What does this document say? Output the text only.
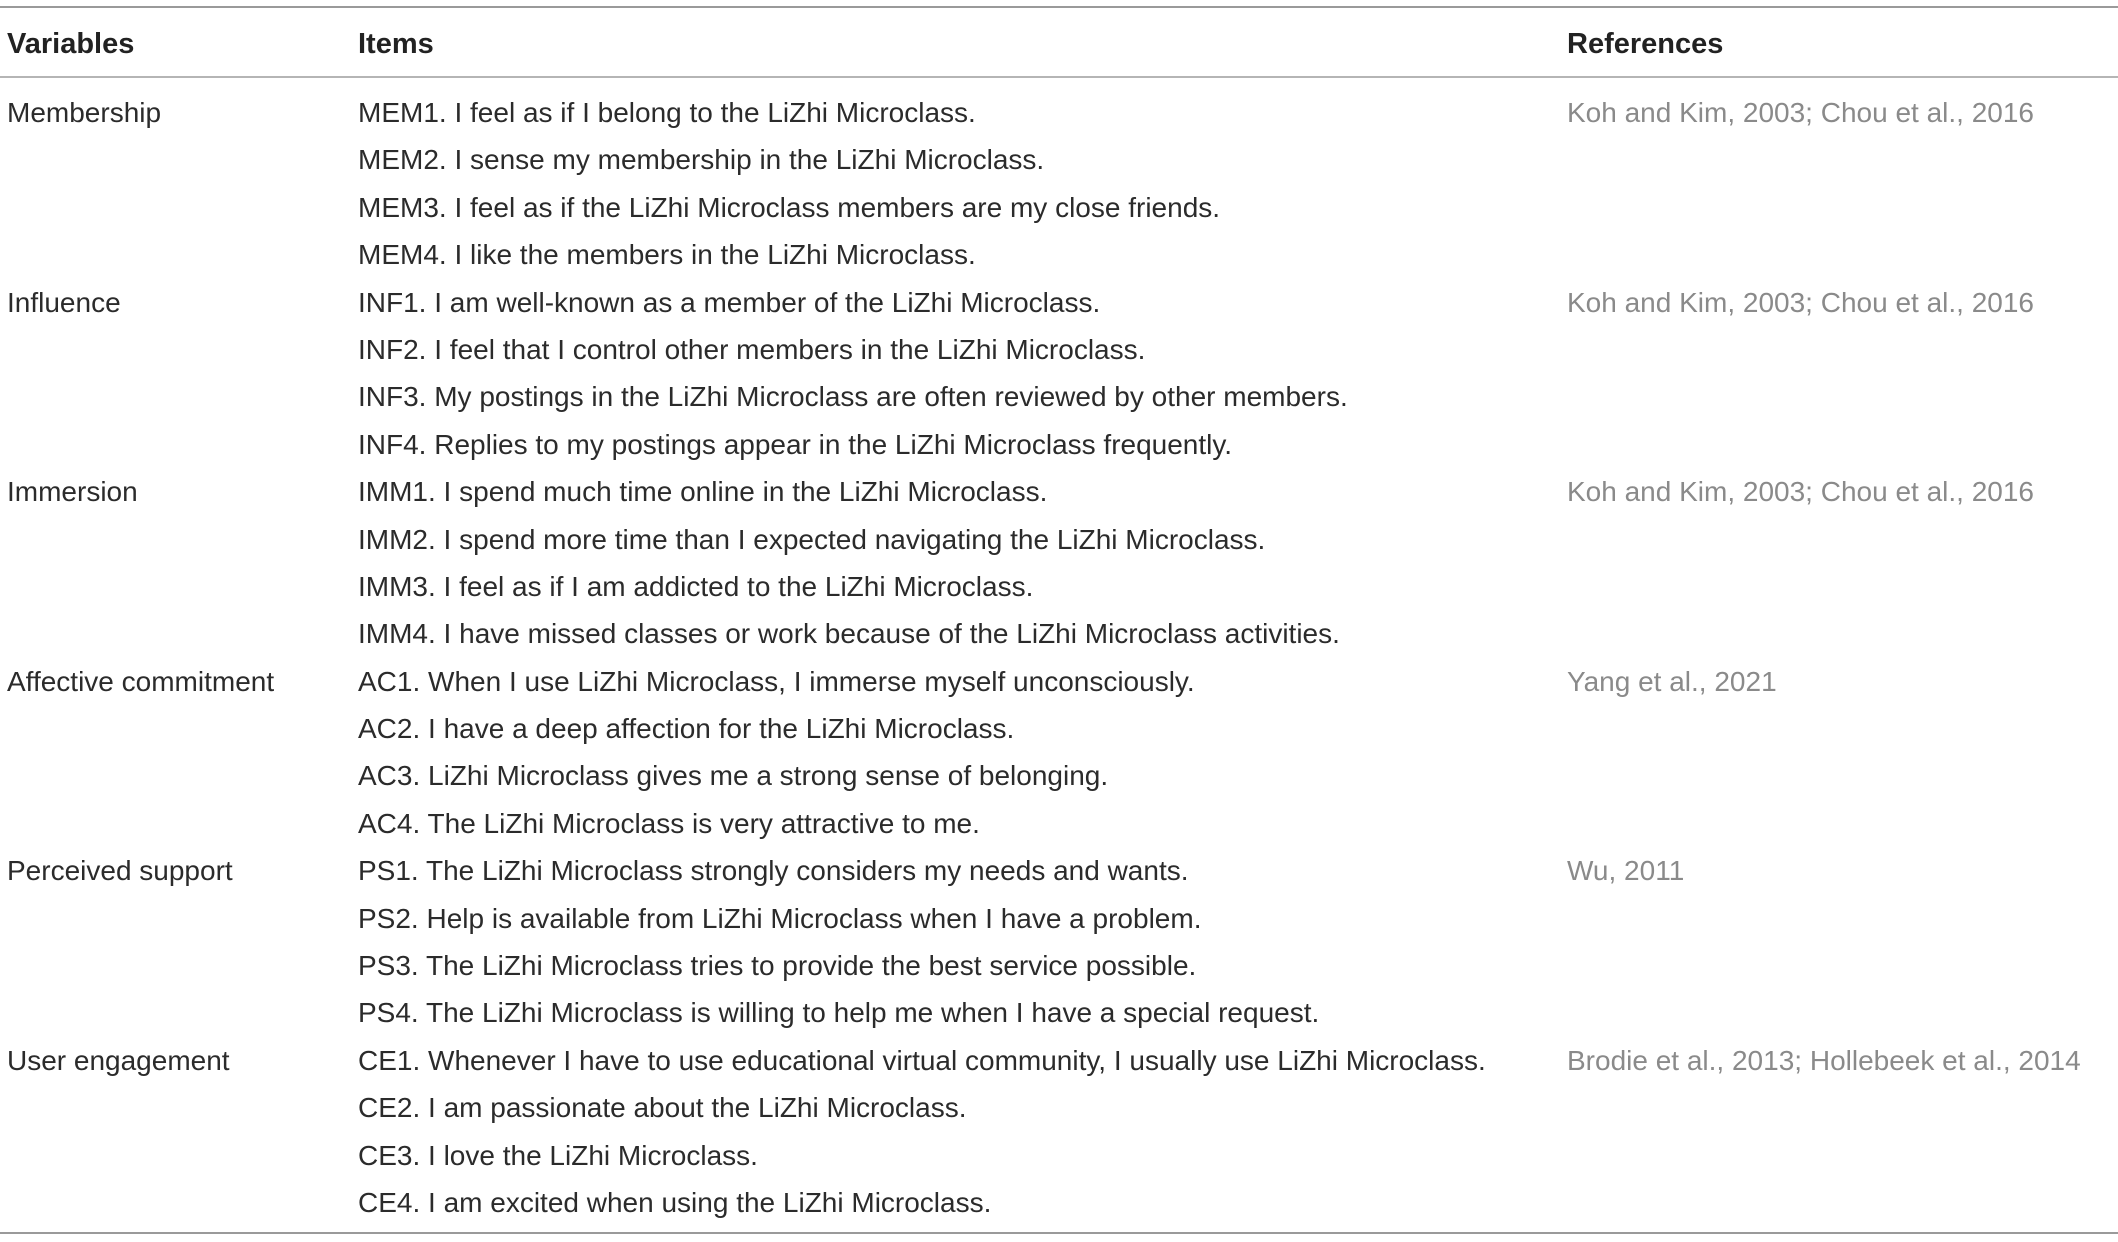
Variables	Items	References
Membership	MEM1. I feel as if I belong to the LiZhi Microclass.	Koh and Kim, 2003; Chou et al., 2016
MEM2. I sense my membership in the LiZhi Microclass.
MEM3. I feel as if the LiZhi Microclass members are my close friends.
MEM4. I like the members in the LiZhi Microclass.
Influence	INF1. I am well-known as a member of the LiZhi Microclass.	Koh and Kim, 2003; Chou et al., 2016
INF2. I feel that I control other members in the LiZhi Microclass.
INF3. My postings in the LiZhi Microclass are often reviewed by other members.
INF4. Replies to my postings appear in the LiZhi Microclass frequently.
Immersion	IMM1. I spend much time online in the LiZhi Microclass.	Koh and Kim, 2003; Chou et al., 2016
IMM2. I spend more time than I expected navigating the LiZhi Microclass.
IMM3. I feel as if I am addicted to the LiZhi Microclass.
IMM4. I have missed classes or work because of the LiZhi Microclass activities.
Affective commitment	AC1. When I use LiZhi Microclass, I immerse myself unconsciously.	Yang et al., 2021
AC2. I have a deep affection for the LiZhi Microclass.
AC3. LiZhi Microclass gives me a strong sense of belonging.
AC4. The LiZhi Microclass is very attractive to me.
Perceived support	PS1. The LiZhi Microclass strongly considers my needs and wants.	Wu, 2011
PS2. Help is available from LiZhi Microclass when I have a problem.
PS3. The LiZhi Microclass tries to provide the best service possible.
PS4. The LiZhi Microclass is willing to help me when I have a special request.
User engagement	CE1. Whenever I have to use educational virtual community, I usually use LiZhi Microclass.	Brodie et al., 2013; Hollebeek et al., 2014
CE2. I am passionate about the LiZhi Microclass.
CE3. I love the LiZhi Microclass.
CE4. I am excited when using the LiZhi Microclass.
